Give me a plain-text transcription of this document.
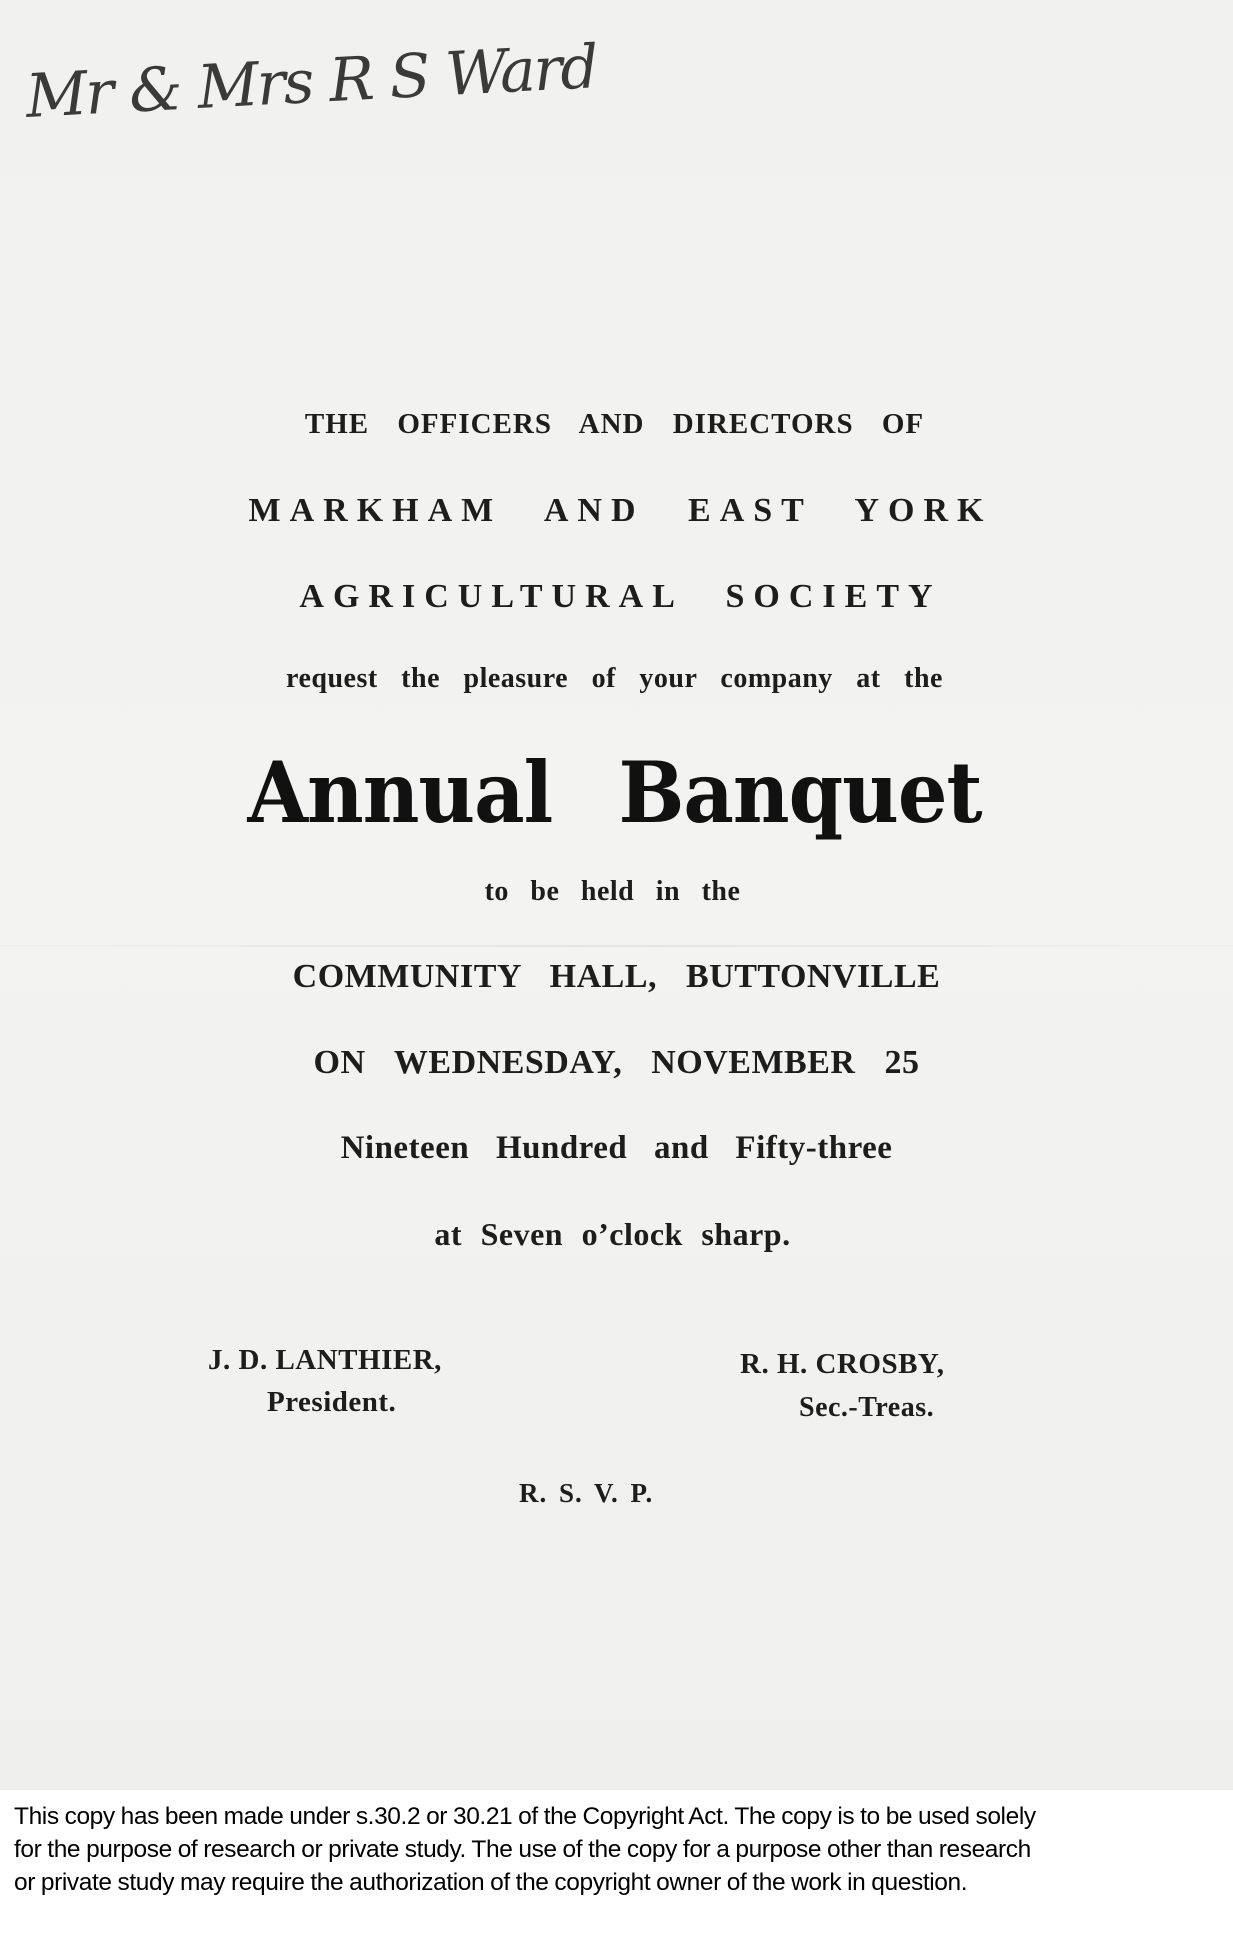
Mr & Mrs R S Ward
THE OFFICERS AND DIRECTORS OF
MARKHAM AND EAST YORK
AGRICULTURAL SOCIETY
request the pleasure of your company at the
Annual Banquet
to be held in the
COMMUNITY HALL, BUTTONVILLE
ON WEDNESDAY, NOVEMBER 25
Nineteen Hundred and Fifty-three
at Seven o’clock sharp.
J. D. LANTHIER,
President.
R. H. CROSBY,
Sec.-Treas.
R. S. V. P.
This copy has been made under s.30.2 or 30.21 of the Copyright Act. The copy is to be used solely
for the purpose of research or private study. The use of the copy for a purpose other than research
or private study may require the authorization of the copyright owner of the work in question.
